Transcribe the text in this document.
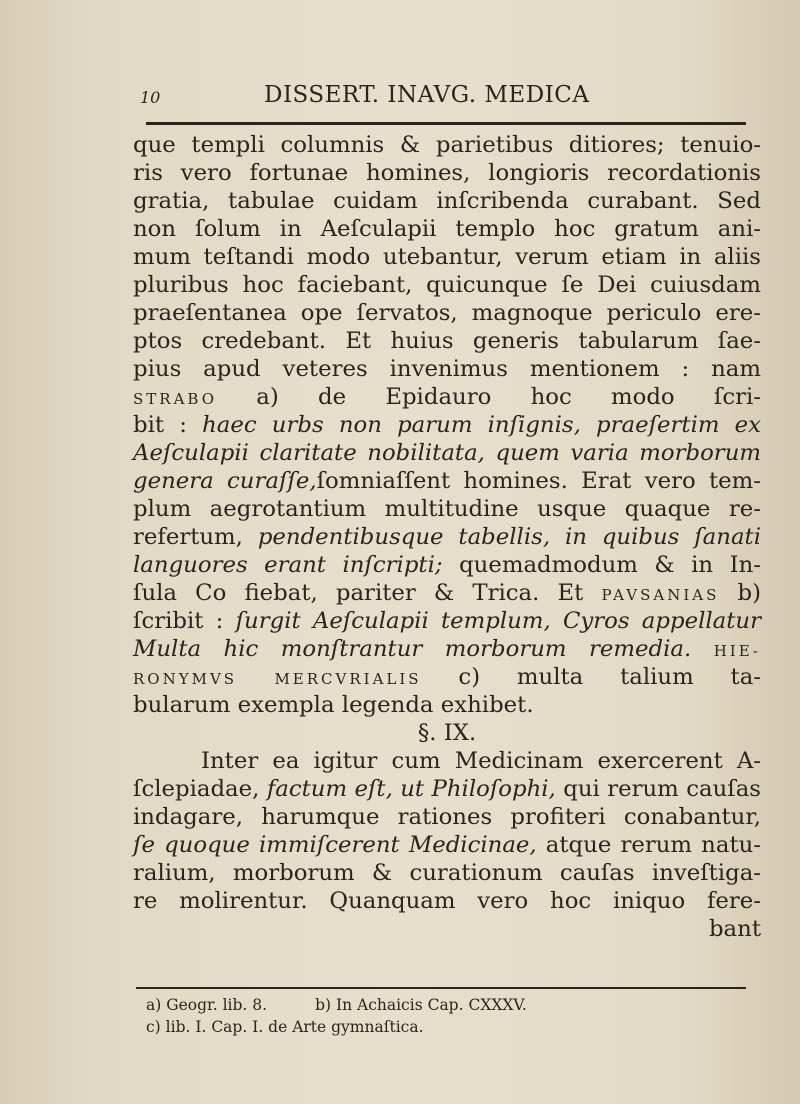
10	DISSERT. INAVG. MEDICA
que templi columnis & parietibus ditiores; tenuio-
ris vero fortunae homines, longioris recordationis
gratia, tabulae cuidam inſcribenda curabant. Sed
non ſolum in Aeſculapii templo hoc gratum ani-
mum teſtandi modo utebantur, verum etiam in aliis
pluribus hoc faciebant, quicunque ſe Dei cuiusdam
praeſentanea ope ſervatos, magnoque periculo ere-
ptos credebant. Et huius generis tabularum ſae-
pius apud veteres invenimus mentionem : nam
STRABO a) de Epidauro hoc modo ſcri-
bit : haec urbs non parum inſignis, praeſertim ex
Aeſculapii claritate nobilitata, quem varia morborum
genera curaſſe,ſomniaſſent homines. Erat vero tem-
plum aegrotantium multitudine usque quaque re-
refertum, pendentibusque tabellis, in quibus ſanati
languores erant inſcripti; quemadmodum & in In-
ſula Co fiebat, pariter & Trica. Et PAVSANIAS b)
ſcribit : ſurgit Aeſculapii templum, Cyros appellatur
Multa hic monſtrantur morborum remedia. HIE-
RONYMVS MERCVRIALIS c) multa talium ta-
bularum exempla legenda exhibet.
§. IX.
Inter ea igitur cum Medicinam exercerent A-
ſclepiadae, factum eſt, ut Philoſophi, qui rerum cauſas
indagare, harumque rationes profiteri conabantur,
ſe quoque immiſcerent Medicinae, atque rerum natu-
ralium, morborum & curationum cauſas inveſtiga-
re molirentur. Quanquam vero hoc iniquo fere-
bant
a) Geogr. lib. 8.	b) In Achaicis Cap. CXXXV.
c) lib. I. Cap. I. de Arte gymnaſtica.
